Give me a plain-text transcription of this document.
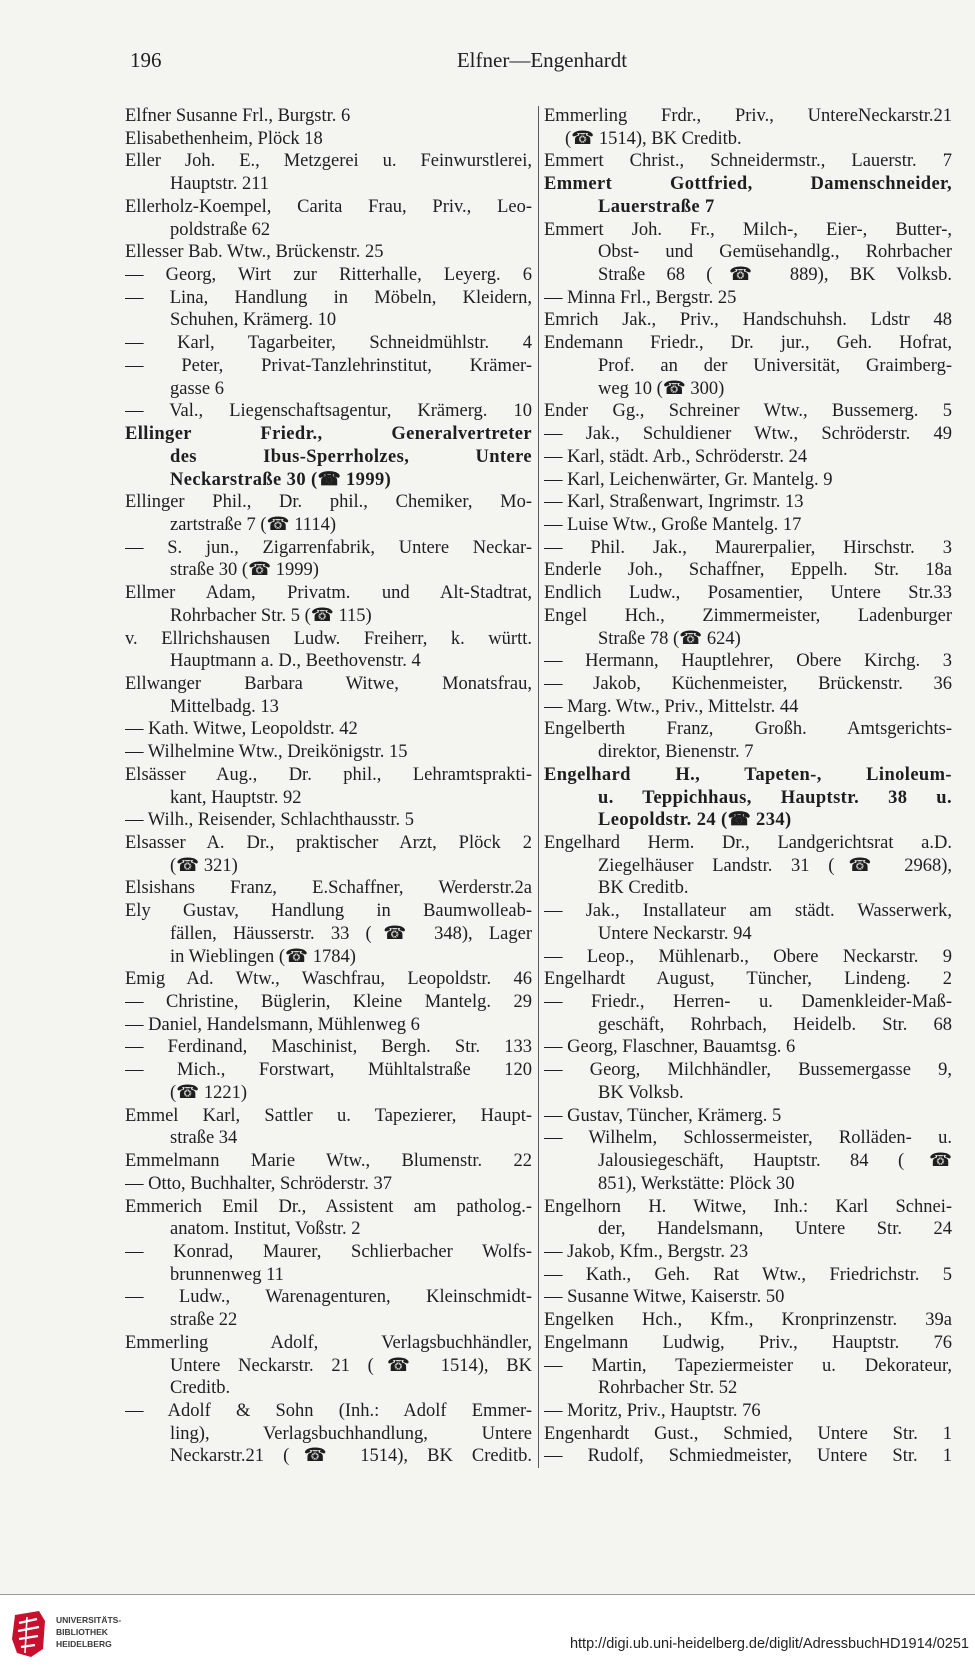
196	Elfner—Engenhardt
Elfner Susanne Frl., Burgstr. 6
Elisabethenheim, Plöck 18
Eller Joh. E., Metzgerei u. Feinwurstlerei,
Hauptstr. 211
Ellerholz-Koempel, Carita Frau, Priv., Leo-
poldstraße 62
Ellesser Bab. Wtw., Brückenstr. 25
— Georg, Wirt zur Ritterhalle, Leyerg. 6
— Lina, Handlung in Möbeln, Kleidern,
Schuhen, Krämerg. 10
— Karl, Tagarbeiter, Schneidmühlstr. 4
— Peter, Privat-Tanzlehrinstitut, Krämer-
gasse 6
— Val., Liegenschaftsagentur, Krämerg. 10
Ellinger Friedr., Generalvertreter
des Ibus-Sperrholzes, Untere
Neckarstraße 30 (☎ 1999)
Ellinger Phil., Dr. phil., Chemiker, Mo-
zartstraße 7 (☎ 1114)
— S. jun., Zigarrenfabrik, Untere Neckar-
straße 30 (☎ 1999)
Ellmer Adam, Privatm. und Alt-Stadtrat,
Rohrbacher Str. 5 (☎ 115)
v. Ellrichshausen Ludw. Freiherr, k. württ.
Hauptmann a. D., Beethovenstr. 4
Ellwanger Barbara Witwe, Monatsfrau,
Mittelbadg. 13
— Kath. Witwe, Leopoldstr. 42
— Wilhelmine Wtw., Dreikönigstr. 15
Elsässer Aug., Dr. phil., Lehramtsprakti-
kant, Hauptstr. 92
— Wilh., Reisender, Schlachthausstr. 5
Elsasser A. Dr., praktischer Arzt, Plöck 2
(☎ 321)
Elsishans Franz, E.Schaffner, Werderstr.2a
Ely Gustav, Handlung in Baumwolleab-
fällen, Häusserstr. 33 (☎ 348), Lager
in Wieblingen (☎ 1784)
Emig Ad. Wtw., Waschfrau, Leopoldstr. 46
— Christine, Büglerin, Kleine Mantelg. 29
— Daniel, Handelsmann, Mühlenweg 6
— Ferdinand, Maschinist, Bergh. Str. 133
— Mich., Forstwart, Mühltalstraße 120
(☎ 1221)
Emmel Karl, Sattler u. Tapezierer, Haupt-
straße 34
Emmelmann Marie Wtw., Blumenstr. 22
— Otto, Buchhalter, Schröderstr. 37
Emmerich Emil Dr., Assistent am patholog.-
anatom. Institut, Voßstr. 2
— Konrad, Maurer, Schlierbacher Wolfs-
brunnenweg 11
— Ludw., Warenagenturen, Kleinschmidt-
straße 22
Emmerling Adolf, Verlagsbuchhändler,
Untere Neckarstr. 21 (☎ 1514), BK
Creditb.
— Adolf & Sohn (Inh.: Adolf Emmer-
ling), Verlagsbuchhandlung, Untere
Neckarstr.21 (☎ 1514), BK Creditb.
Emmerling Frdr., Priv., UntereNeckarstr.21
(☎ 1514), BK Creditb.
Emmert Christ., Schneidermstr., Lauerstr. 7
Emmert Gottfried, Damenschneider,
Lauerstraße 7
Emmert Joh. Fr., Milch-, Eier-, Butter-,
Obst- und Gemüsehandlg., Rohrbacher
Straße 68 (☎ 889), BK Volksb.
— Minna Frl., Bergstr. 25
Emrich Jak., Priv., Handschuhsh. Ldstr 48
Endemann Friedr., Dr. jur., Geh. Hofrat,
Prof. an der Universität, Graimberg-
weg 10 (☎ 300)
Ender Gg., Schreiner Wtw., Bussemerg. 5
— Jak., Schuldiener Wtw., Schröderstr. 49
— Karl, städt. Arb., Schröderstr. 24
— Karl, Leichenwärter, Gr. Mantelg. 9
— Karl, Straßenwart, Ingrimstr. 13
— Luise Wtw., Große Mantelg. 17
— Phil. Jak., Maurerpalier, Hirschstr. 3
Enderle Joh., Schaffner, Eppelh. Str. 18a
Endlich Ludw., Posamentier, Untere Str.33
Engel Hch., Zimmermeister, Ladenburger
Straße 78 (☎ 624)
— Hermann, Hauptlehrer, Obere Kirchg. 3
— Jakob, Küchenmeister, Brückenstr. 36
— Marg. Wtw., Priv., Mittelstr. 44
Engelberth Franz, Großh. Amtsgerichts-
direktor, Bienenstr. 7
Engelhard H., Tapeten-, Linoleum-
u. Teppichhaus, Hauptstr. 38 u.
Leopoldstr. 24 (☎ 234)
Engelhard Herm. Dr., Landgerichtsrat a.D.
Ziegelhäuser Landstr. 31 (☎ 2968),
BK Creditb.
— Jak., Installateur am städt. Wasserwerk,
Untere Neckarstr. 94
— Leop., Mühlenarb., Obere Neckarstr. 9
Engelhardt August, Tüncher, Lindeng. 2
— Friedr., Herren- u. Damenkleider-Maß-
geschäft, Rohrbach, Heidelb. Str. 68
— Georg, Flaschner, Bauamtsg. 6
— Georg, Milchhändler, Bussemergasse 9,
BK Volksb.
— Gustav, Tüncher, Krämerg. 5
— Wilhelm, Schlossermeister, Rolläden- u.
Jalousiegeschäft, Hauptstr. 84 (☎
851), Werkstätte: Plöck 30
Engelhorn H. Witwe, Inh.: Karl Schnei-
der, Handelsmann, Untere Str. 24
— Jakob, Kfm., Bergstr. 23
— Kath., Geh. Rat Wtw., Friedrichstr. 5
— Susanne Witwe, Kaiserstr. 50
Engelken Hch., Kfm., Kronprinzenstr. 39a
Engelmann Ludwig, Priv., Hauptstr. 76
— Martin, Tapeziermeister u. Dekorateur,
Rohrbacher Str. 52
— Moritz, Priv., Hauptstr. 76
Engenhardt Gust., Schmied, Untere Str. 1
— Rudolf, Schmiedmeister, Untere Str. 1
UNIVERSITÄTS-
BIBLIOTHEK
HEIDELBERG	http://digi.ub.uni-heidelberg.de/diglit/AdressbuchHD1914/0251
